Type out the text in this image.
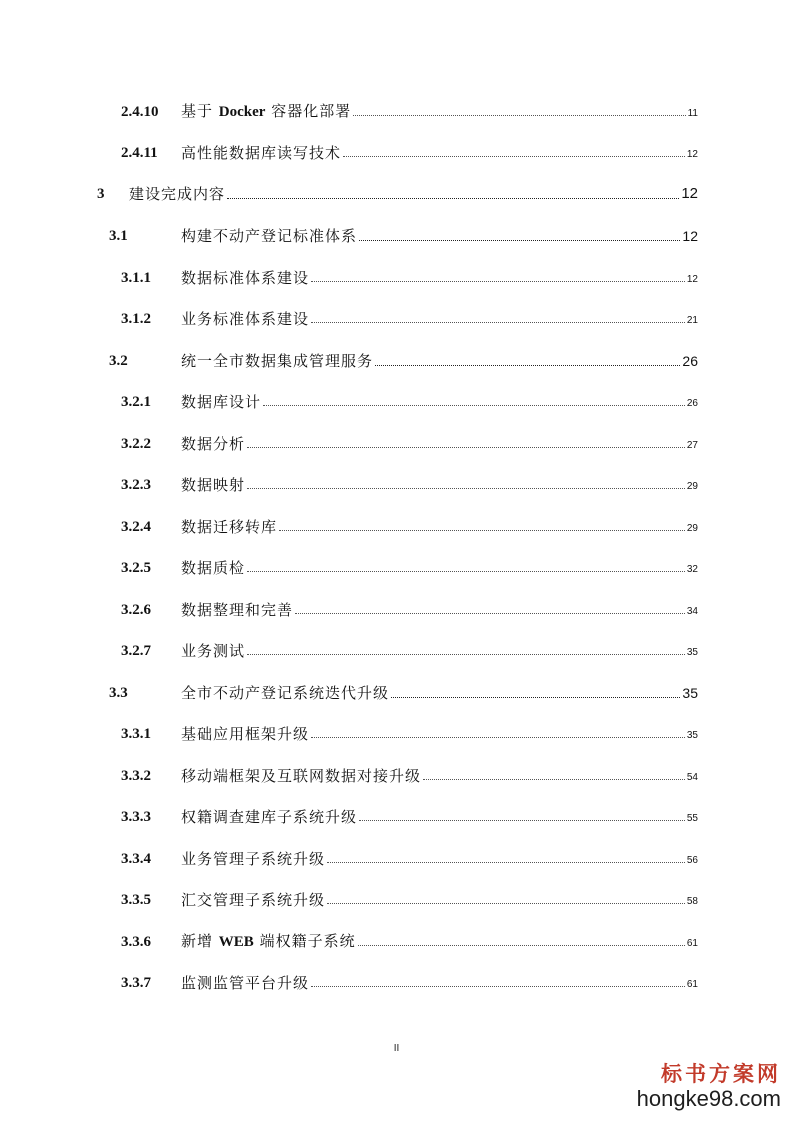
2.4.10	基于 Docker 容器化部署	11
2.4.11	高性能数据库读写技术	12
3	建设完成内容	12
3.1	构建不动产登记标准体系	12
3.1.1	数据标准体系建设	12
3.1.2	业务标准体系建设	21
3.2	统一全市数据集成管理服务	26
3.2.1	数据库设计	26
3.2.2	数据分析	27
3.2.3	数据映射	29
3.2.4	数据迁移转库	29
3.2.5	数据质检	32
3.2.6	数据整理和完善	34
3.2.7	业务测试	35
3.3	全市不动产登记系统迭代升级	35
3.3.1	基础应用框架升级	35
3.3.2	移动端框架及互联网数据对接升级	54
3.3.3	权籍调查建库子系统升级	55
3.3.4	业务管理子系统升级	56
3.3.5	汇交管理子系统升级	58
3.3.6	新增 WEB 端权籍子系统	61
3.3.7	监测监管平台升级	61
II
标书方案网
hongke98.com
